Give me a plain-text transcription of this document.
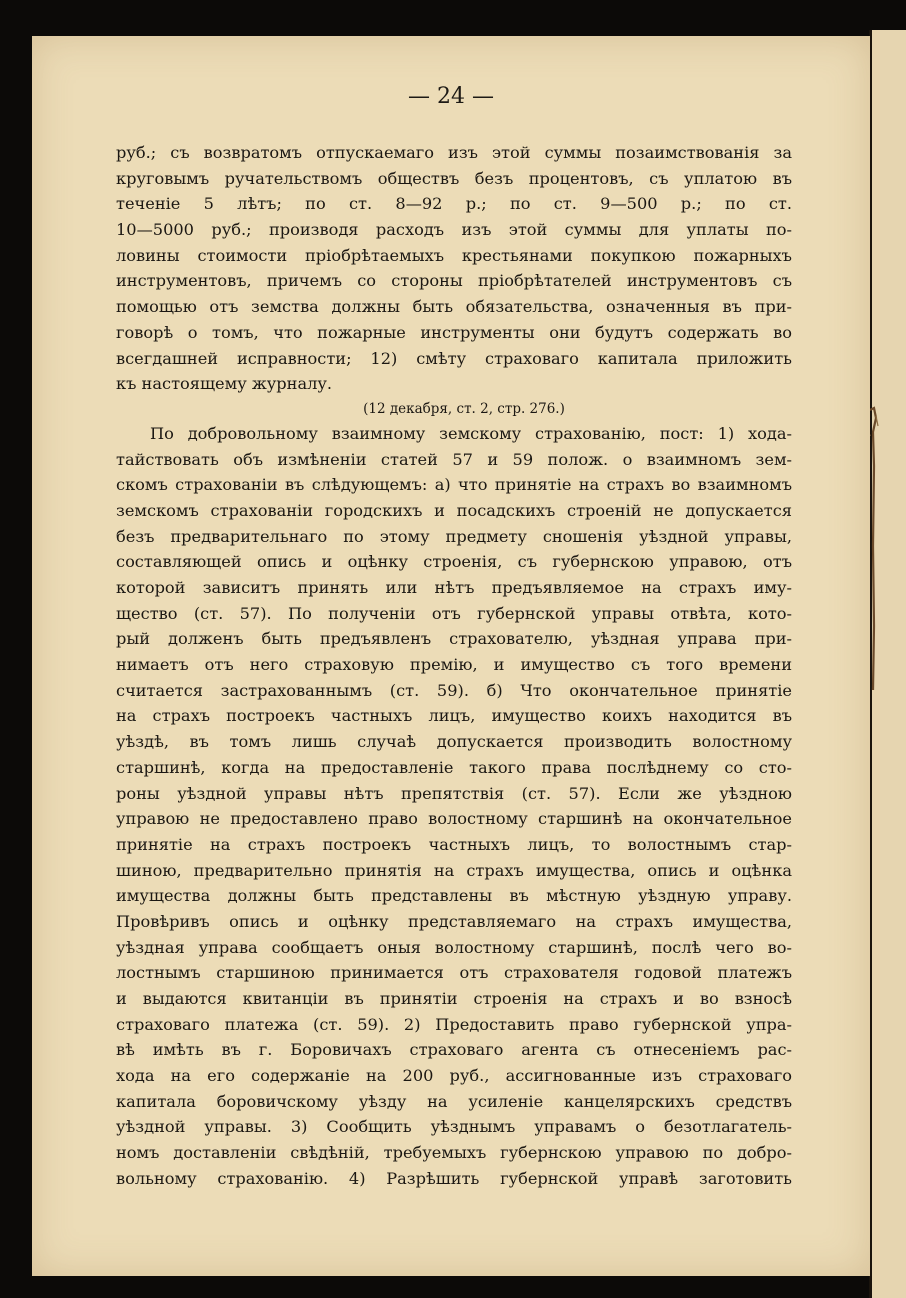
— 24 —
руб.; съ возвратомъ отпускаемаго изъ этой суммы позаимствованія за
круговымъ ручательствомъ обществъ безъ процентовъ, съ уплатою въ
теченіе 5 лѣтъ; по ст. 8—92 р.; по ст. 9—500 р.; по ст.
10—5000 руб.; производя расходъ изъ этой суммы для уплаты по-
ловины стоимости пріобрѣтаемыхъ крестьянами покупкою пожарныхъ
инструментовъ, причемъ со стороны пріобрѣтателей инструментовъ съ
помощью отъ земства должны быть обязательства, означенныя въ при-
говорѣ о томъ, что пожарные инструменты они будутъ содержать во
всегдашней исправности; 12) смѣту страховаго капитала приложить
къ настоящему журналу.
(12 декабря, ст. 2, стр. 276.)
По добровольному взаимному земскому страхованію, пост: 1) хода-
тайствовать объ измѣненіи статей 57 и 59 полож. о взаимномъ зем-
скомъ страхованіи въ слѣдующемъ: а) что принятіе на страхъ во взаимномъ
земскомъ страхованіи городскихъ и посадскихъ строеній не допускается
безъ предварительнаго по этому предмету сношенія уѣздной управы,
составляющей опись и оцѣнку строенія, съ губернскою управою, отъ
которой зависитъ принять или нѣтъ предъявляемое на страхъ иму-
щество (ст. 57). По полученіи отъ губернской управы отвѣта, кото-
рый долженъ быть предъявленъ страхователю, уѣздная управа при-
нимаетъ отъ него страховую премію, и имущество съ того времени
считается застрахованнымъ (ст. 59). б) Что окончательное принятіе
на страхъ построекъ частныхъ лицъ, имущество коихъ находится въ
уѣздѣ, въ томъ лишь случаѣ допускается производить волостному
старшинѣ, когда на предоставленіе такого права послѣднему со сто-
роны уѣздной управы нѣтъ препятствія (ст. 57). Если же уѣздною
управою не предоставлено право волостному старшинѣ на окончательное
принятіе на страхъ построекъ частныхъ лицъ, то волостнымъ стар-
шиною, предварительно принятія на страхъ имущества, опись и оцѣнка
имущества должны быть представлены въ мѣстную уѣздную управу.
Провѣривъ опись и оцѣнку представляемаго на страхъ имущества,
уѣздная управа сообщаетъ оныя волостному старшинѣ, послѣ чего во-
лостнымъ старшиною принимается отъ страхователя годовой платежъ
и выдаются квитанціи въ принятіи строенія на страхъ и во взносѣ
страховаго платежа (ст. 59). 2) Предоставить право губернской упра-
вѣ имѣть въ г. Боровичахъ страховаго агента съ отнесеніемъ рас-
хода на его содержаніе на 200 руб., ассигнованные изъ страховаго
капитала боровичскому уѣзду на усиленіе канцелярскихъ средствъ
уѣздной управы. 3) Сообщить уѣзднымъ управамъ о безотлагатель-
номъ доставленіи свѣдѣній, требуемыхъ губернскою управою по добро-
вольному страхованію. 4) Разрѣшить губернской управѣ заготовить
